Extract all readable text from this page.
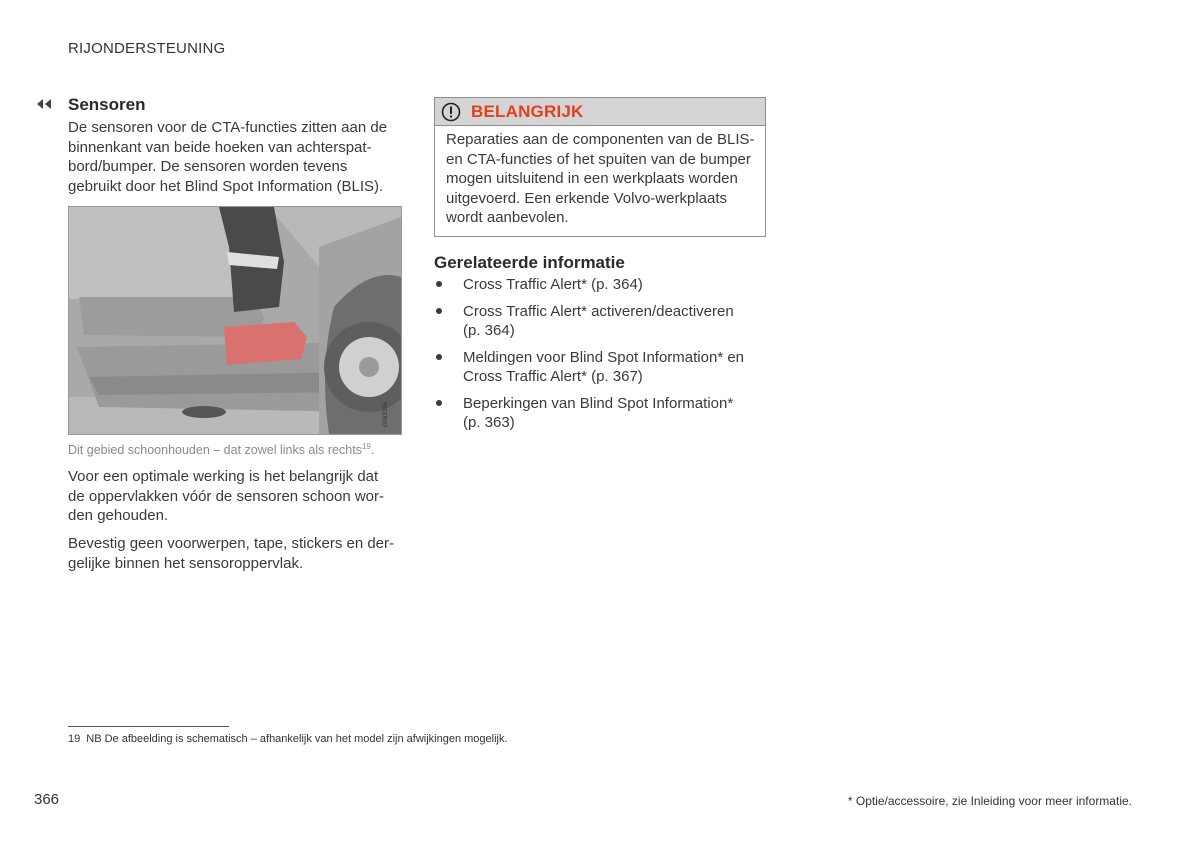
RIJONDERSTEUNING
Sensoren
De sensoren voor de CTA-functies zitten aan de binnenkant van beide hoeken van achterspatbord/bumper. De sensoren worden tevens gebruikt door het Blind Spot Information (BLIS).
G053196
Dit gebied schoonhouden – dat zowel links als rechts$^{19}$.
Voor een optimale werking is het belangrijk dat de oppervlakken vóór de sensoren schoon worden gehouden.
Bevestig geen voorwerpen, tape, stickers en dergelijke binnen het sensoroppervlak.
BELANGRIJK
Reparaties aan de componenten van de BLIS- en CTA-functies of het spuiten van de bumper mogen uitsluitend in een werkplaats worden uitgevoerd. Een erkende Volvo-werkplaats wordt aanbevolen.
Gerelateerde informatie
Cross Traffic Alert* (p. 364)
Cross Traffic Alert* activeren/deactiveren (p. 364)
Meldingen voor Blind Spot Information* en Cross Traffic Alert* (p. 367)
Beperkingen van Blind Spot Information* (p. 363)
19 NB De afbeelding is schematisch – afhankelijk van het model zijn afwijkingen mogelijk.
366	* Optie/accessoire, zie Inleiding voor meer informatie.
